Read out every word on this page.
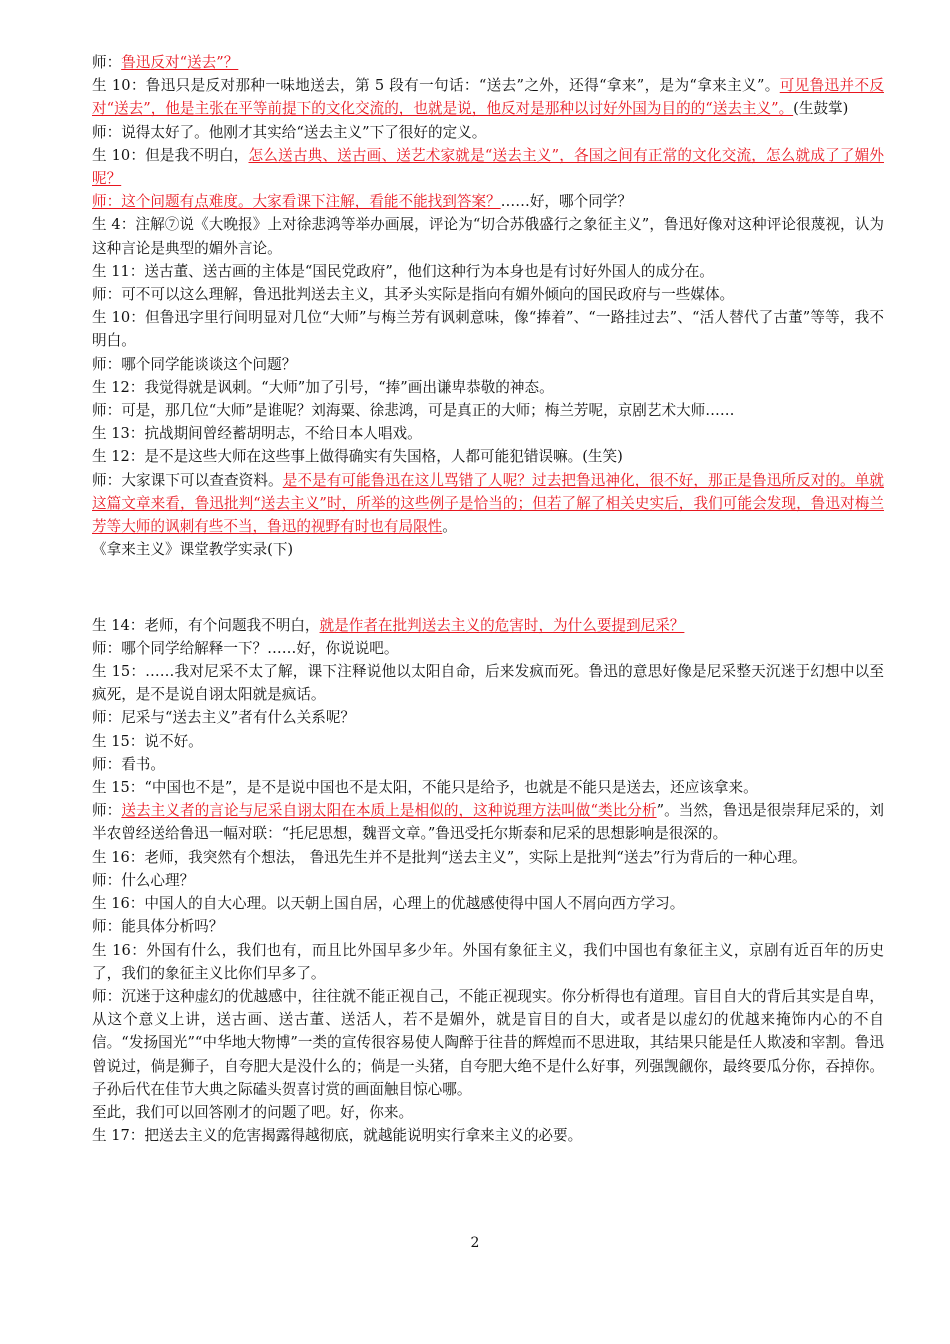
师：鲁迅反对“送去”？

生 10：鲁迅只是反对那种一味地送去，第 5 段有一句话：“送去”之外，还得“拿来”，是为“拿来主义”。可见鲁迅并不反对“送去”，他是主张在平等前提下的文化交流的，也就是说，他反对是那种以讨好外国为目的的“送去主义”。(生鼓掌)

师：说得太好了。他刚才其实给“送去主义”下了很好的定义。

生 10：但是我不明白，怎么送古典、送古画、送艺术家就是“送去主义”，各国之间有正常的文化交流，怎么就成了了媚外呢？

师：这个问题有点难度。大家看课下注解，看能不能找到答案？……好，哪个同学？

生 4：注解⑦说《大晚报》上对徐悲鸿等举办画展，评论为“切合苏俄盛行之象征主义”，鲁迅好像对这种评论很蔑视，认为这种言论是典型的媚外言论。

生 11：送古董、送古画的主体是“国民党政府”，他们这种行为本身也是有讨好外国人的成分在。

师：可不可以这么理解，鲁迅批判送去主义，其矛头实际是指向有媚外倾向的国民政府与一些媒体。

生 10：但鲁迅字里行间明显对几位“大师”与梅兰芳有讽刺意味，像“捧着”、“一路挂过去”、“活人替代了古董”等等，我不明白。

师：哪个同学能谈谈这个问题？

生 12：我觉得就是讽刺。“大师”加了引号，“捧”画出谦卑恭敬的神态。

师：可是，那几位“大师”是谁呢？刘海粟、徐悲鸿，可是真正的大师；梅兰芳呢，京剧艺术大师……

生 13：抗战期间曾经蓄胡明志，不给日本人唱戏。

生 12：是不是这些大师在这些事上做得确实有失国格，人都可能犯错误嘛。(生笑)

师：大家课下可以查查资料。是不是有可能鲁迅在这儿骂错了人呢？过去把鲁迅神化，很不好，那正是鲁迅所反对的。单就这篇文章来看，鲁迅批判“送去主义”时，所举的这些例子是恰当的；但若了解了相关史实后，我们可能会发现，鲁迅对梅兰芳等大师的讽刺有些不当，鲁迅的视野有时也有局限性。

《拿来主义》课堂教学实录(下)

生 14：老师，有个问题我不明白，就是作者在批判送去主义的危害时，为什么要提到尼采？

师：哪个同学给解释一下？……好，你说说吧。

生 15：……我对尼采不太了解，课下注释说他以太阳自命，后来发疯而死。鲁迅的意思好像是尼采整天沉迷于幻想中以至疯死，是不是说自诩太阳就是疯话。

师：尼采与“送去主义”者有什么关系呢？

生 15：说不好。

师：看书。

生 15：“中国也不是”，是不是说中国也不是太阳，不能只是给予，也就是不能只是送去，还应该拿来。

师：送去主义者的言论与尼采自诩太阳在本质上是相似的，这种说理方法叫做“类比分析”。当然，鲁迅是很崇拜尼采的，刘半农曾经送给鲁迅一幅对联：“托尼思想，魏晋文章。”鲁迅受托尔斯泰和尼采的思想影响是很深的。

生 16：老师，我突然有个想法， 鲁迅先生并不是批判“送去主义”，实际上是批判“送去”行为背后的一种心理。

师：什么心理？

生 16：中国人的自大心理。以天朝上国自居，心理上的优越感使得中国人不屑向西方学习。

师：能具体分析吗？

生 16：外国有什么，我们也有，而且比外国早多少年。外国有象征主义，我们中国也有象征主义，京剧有近百年的历史了，我们的象征主义比你们早多了。

师：沉迷于这种虚幻的优越感中，往往就不能正视自己，不能正视现实。你分析得也有道理。盲目自大的背后其实是自卑，从这个意义上讲，送古画、送古董、送活人，若不是媚外，就是盲目的自大，或者是以虚幻的优越来掩饰内心的不自信。“发扬国光”“中华地大物博”一类的宣传很容易使人陶醉于往昔的辉煌而不思进取，其结果只能是任人欺凌和宰割。鲁迅曾说过，倘是狮子，自夸肥大是没什么的；倘是一头猪，自夸肥大绝不是什么好事，列强觊觎你，最终要瓜分你，吞掉你。子孙后代在佳节大典之际磕头贺喜讨赏的画面触目惊心哪。

至此，我们可以回答刚才的问题了吧。好，你来。

生 17：把送去主义的危害揭露得越彻底，就越能说明实行拿来主义的必要。

2
